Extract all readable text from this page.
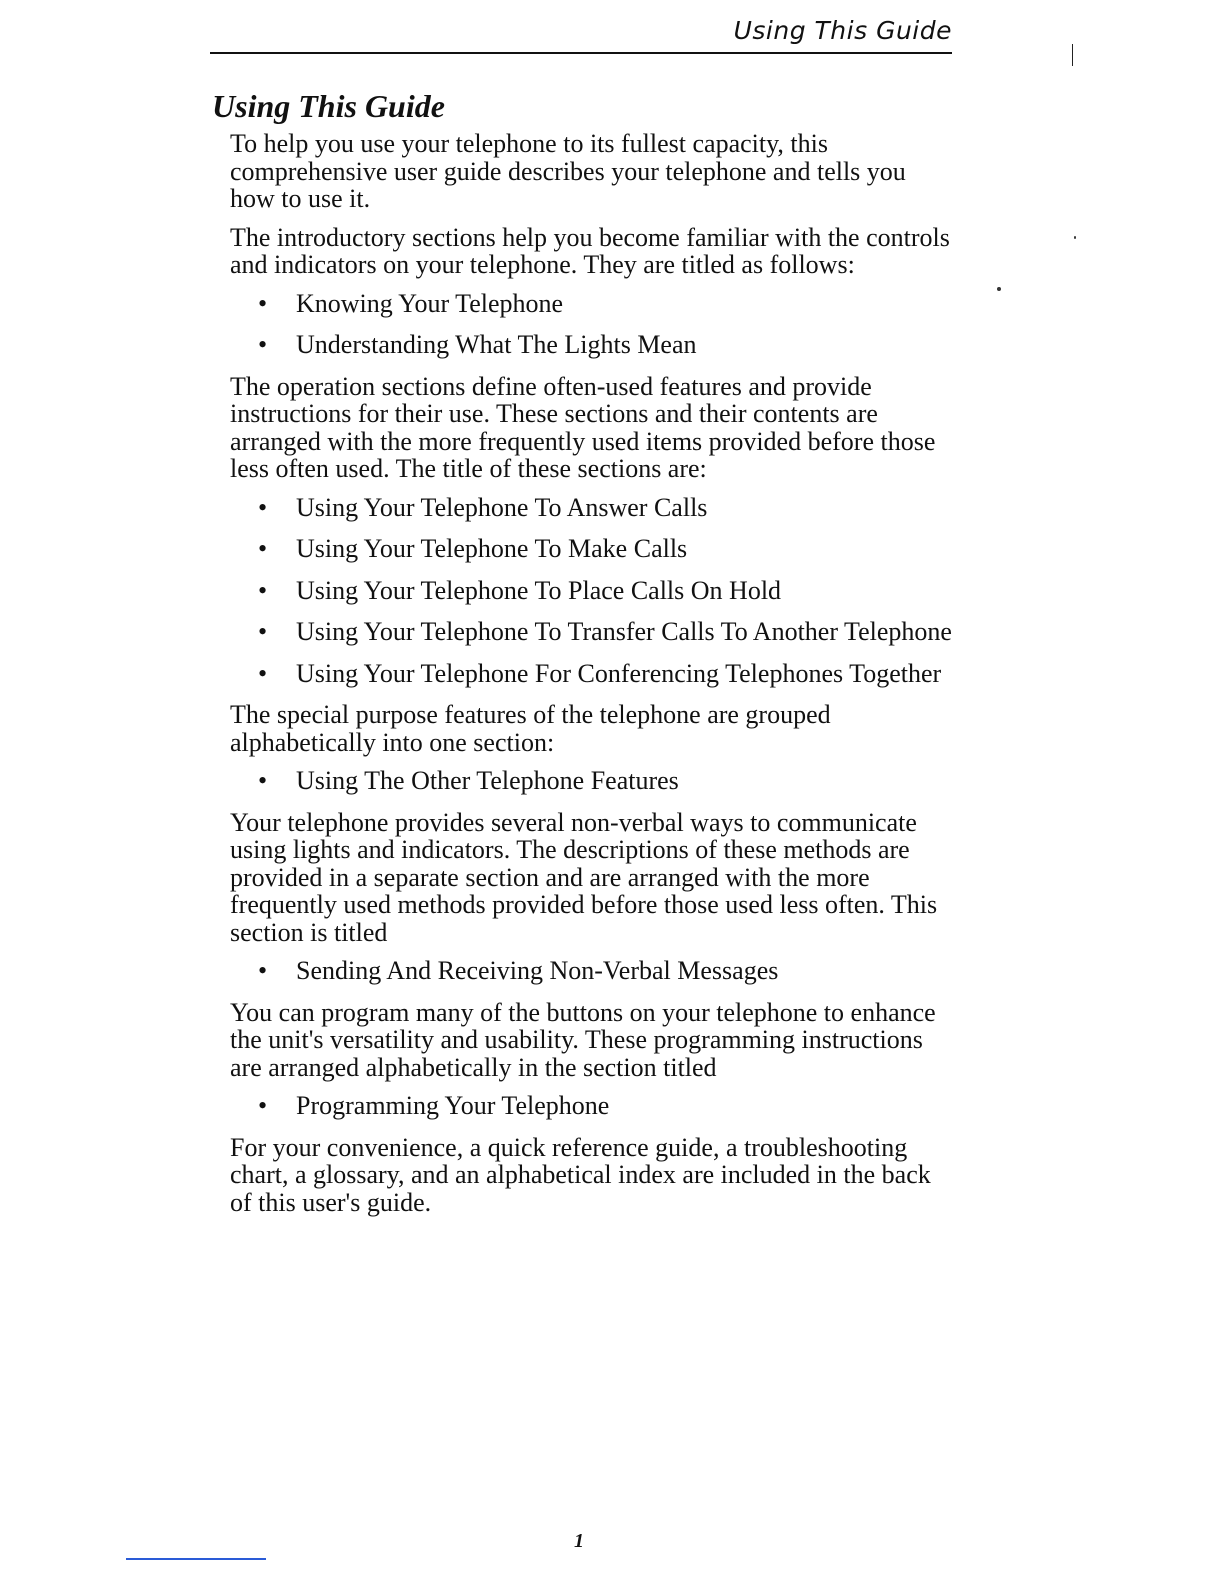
Using This Guide
Using This Guide

To help you use your telephone to its fullest capacity, this comprehensive user guide describes your telephone and tells you how to use it.

The introductory sections help you become familiar with the controls and indicators on your telephone. They are titled as follows:

• Knowing Your Telephone
• Understanding What The Lights Mean

The operation sections define often-used features and provide instructions for their use. These sections and their contents are arranged with the more frequently used items provided before those less often used. The title of these sections are:

• Using Your Telephone To Answer Calls
• Using Your Telephone To Make Calls
• Using Your Telephone To Place Calls On Hold
• Using Your Telephone To Transfer Calls To Another Telephone
• Using Your Telephone For Conferencing Telephones Together

The special purpose features of the telephone are grouped alphabetically into one section:

• Using The Other Telephone Features

Your telephone provides several non-verbal ways to communicate using lights and indicators. The descriptions of these methods are provided in a separate section and are arranged with the more frequently used methods provided before those used less often. This section is titled

• Sending And Receiving Non-Verbal Messages

You can program many of the buttons on your telephone to enhance the unit's versatility and usability. These programming instructions are arranged alphabetically in the section titled

• Programming Your Telephone

For your convenience, a quick reference guide, a troubleshooting chart, a glossary, and an alphabetical index are included in the back of this user's guide.

1
